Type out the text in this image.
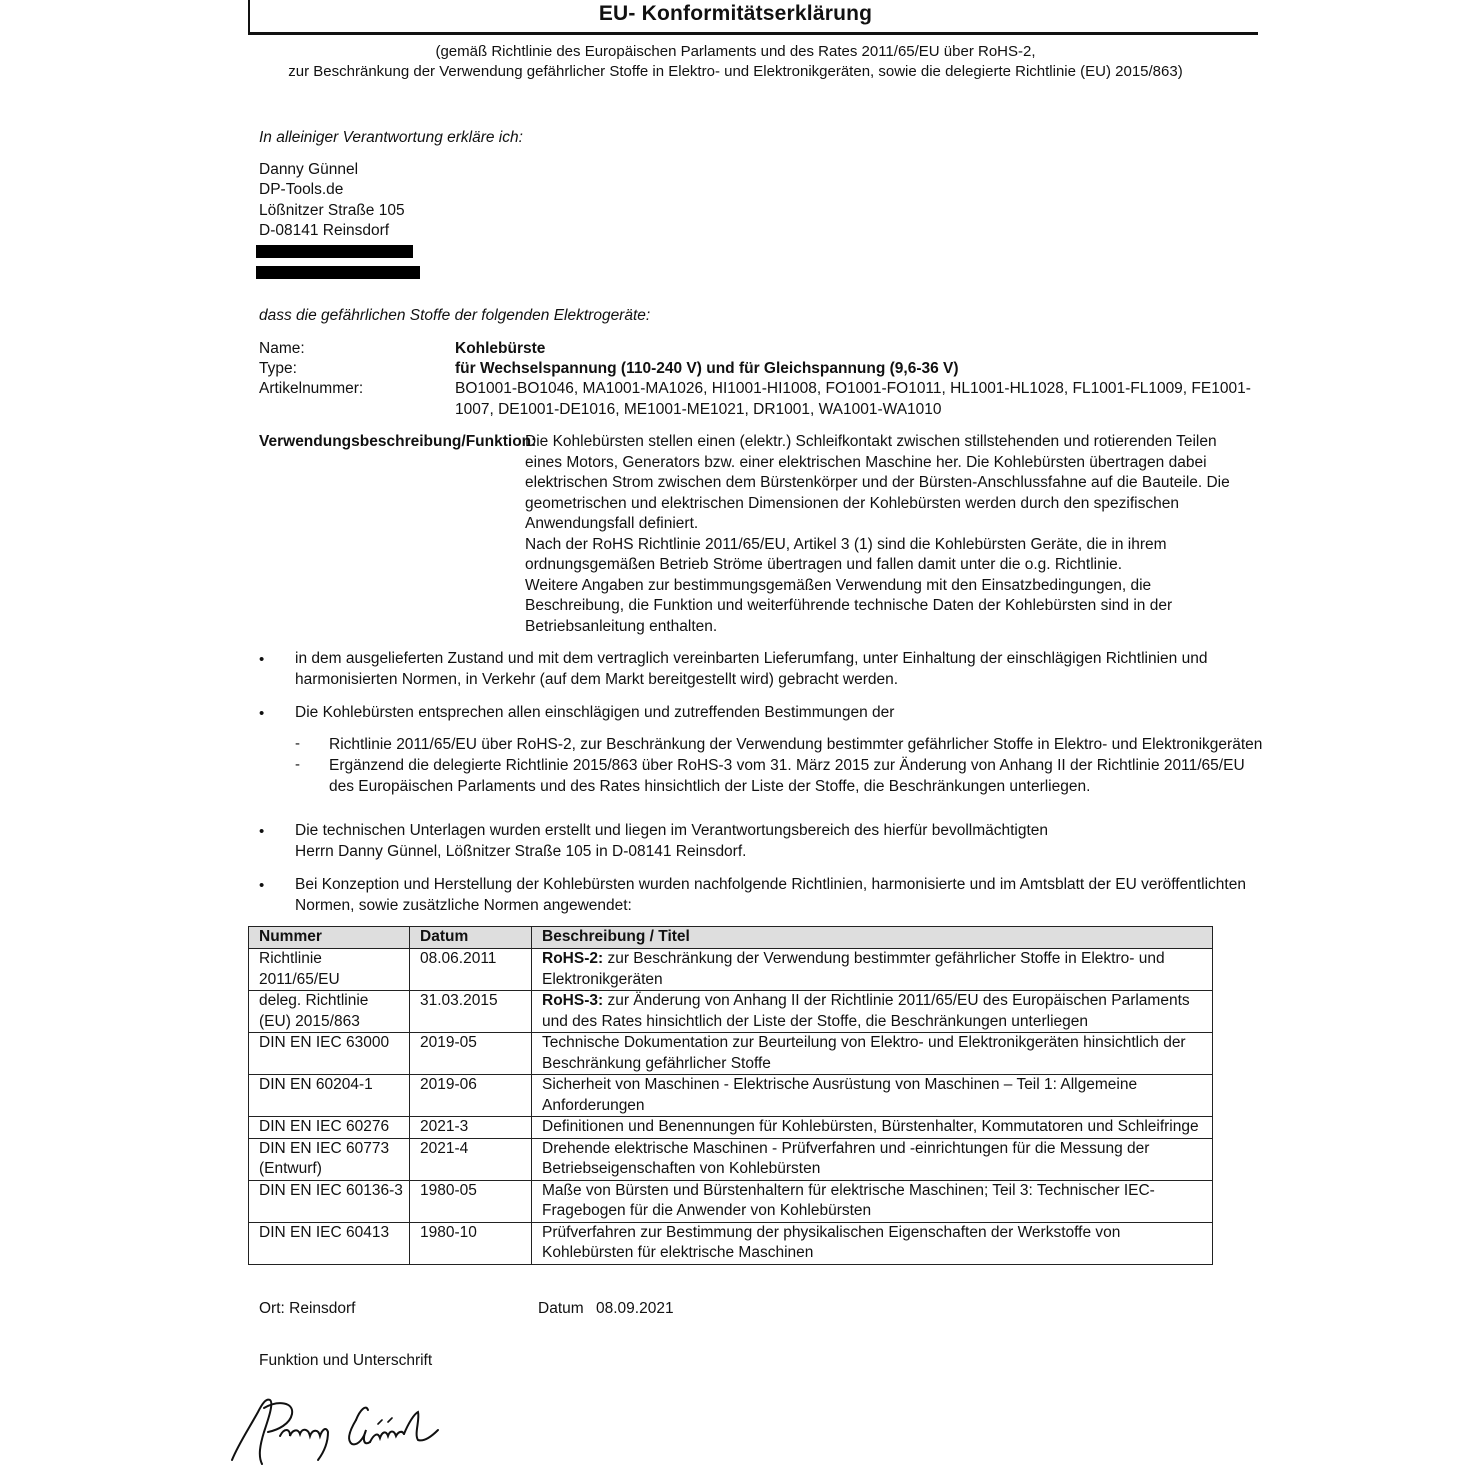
EU- Konformitätserklärung
(gemäß Richtlinie des Europäischen Parlaments und des Rates 2011/65/EU über RoHS-2,
zur Beschränkung der Verwendung gefährlicher Stoffe in Elektro- und Elektronikgeräten, sowie die delegierte Richtlinie (EU) 2015/863)
In alleiniger Verantwortung erkläre ich:
Danny Günnel
DP-Tools.de
Lößnitzer Straße 105
D-08141 Reinsdorf
dass die gefährlichen Stoffe der folgenden Elektrogeräte:
Name:	Kohlebürste
Type:	für Wechselspannung (110-240 V) und für Gleichspannung (9,6-36 V)
Artikelnummer:	BO1001-BO1046, MA1001-MA1026, HI1001-HI1008, FO1001-FO1011, HL1001-HL1028, FL1001-FL1009, FE1001-
1007, DE1001-DE1016, ME1001-ME1021, DR1001, WA1001-WA1010
Verwendungsbeschreibung/Funktion:
Die Kohlebürsten stellen einen (elektr.) Schleifkontakt zwischen stillstehenden und rotierenden Teilen
eines Motors, Generators bzw. einer elektrischen Maschine her. Die Kohlebürsten übertragen dabei
elektrischen Strom zwischen dem Bürstenkörper und der Bürsten-Anschlussfahne auf die Bauteile. Die
geometrischen und elektrischen Dimensionen der Kohlebürsten werden durch den spezifischen
Anwendungsfall definiert.
Nach der RoHS Richtlinie 2011/65/EU, Artikel 3 (1) sind die Kohlebürsten Geräte, die in ihrem
ordnungsgemäßen Betrieb Ströme übertragen und fallen damit unter die o.g. Richtlinie.
Weitere Angaben zur bestimmungsgemäßen Verwendung mit den Einsatzbedingungen, die
Beschreibung, die Funktion und weiterführende technische Daten der Kohlebürsten sind in der
Betriebsanleitung enthalten.
• in dem ausgelieferten Zustand und mit dem vertraglich vereinbarten Lieferumfang, unter Einhaltung der einschlägigen Richtlinien und
harmonisierten Normen, in Verkehr (auf dem Markt bereitgestellt wird) gebracht werden.
• Die Kohlebürsten entsprechen allen einschlägigen und zutreffenden Bestimmungen der
- Richtlinie 2011/65/EU über RoHS-2, zur Beschränkung der Verwendung bestimmter gefährlicher Stoffe in Elektro- und Elektronikgeräten
- Ergänzend die delegierte Richtlinie 2015/863 über RoHS-3 vom 31. März 2015 zur Änderung von Anhang II der Richtlinie 2011/65/EU
des Europäischen Parlaments und des Rates hinsichtlich der Liste der Stoffe, die Beschränkungen unterliegen.
• Die technischen Unterlagen wurden erstellt und liegen im Verantwortungsbereich des hierfür bevollmächtigten
Herrn Danny Günnel, Lößnitzer Straße 105 in D-08141 Reinsdorf.
• Bei Konzeption und Herstellung der Kohlebürsten wurden nachfolgende Richtlinien, harmonisierte und im Amtsblatt der EU veröffentlichten
Normen, sowie zusätzliche Normen angewendet:
Nummer	Datum	Beschreibung / Titel
Richtlinie 2011/65/EU	08.06.2011	RoHS-2: zur Beschränkung der Verwendung bestimmter gefährlicher Stoffe in Elektro- und Elektronikgeräten
deleg. Richtlinie (EU) 2015/863	31.03.2015	RoHS-3: zur Änderung von Anhang II der Richtlinie 2011/65/EU des Europäischen Parlaments und des Rates hinsichtlich der Liste der Stoffe, die Beschränkungen unterliegen
DIN EN IEC 63000	2019-05	Technische Dokumentation zur Beurteilung von Elektro- und Elektronikgeräten hinsichtlich der Beschränkung gefährlicher Stoffe
DIN EN 60204-1	2019-06	Sicherheit von Maschinen - Elektrische Ausrüstung von Maschinen – Teil 1: Allgemeine Anforderungen
DIN EN IEC 60276	2021-3	Definitionen und Benennungen für Kohlebürsten, Bürstenhalter, Kommutatoren und Schleifringe
DIN EN IEC 60773 (Entwurf)	2021-4	Drehende elektrische Maschinen - Prüfverfahren und -einrichtungen für die Messung der Betriebseigenschaften von Kohlebürsten
DIN EN IEC 60136-3	1980-05	Maße von Bürsten und Bürstenhaltern für elektrische Maschinen; Teil 3: Technischer IEC-Fragebogen für die Anwender von Kohlebürsten
DIN EN IEC 60413	1980-10	Prüfverfahren zur Bestimmung der physikalischen Eigenschaften der Werkstoffe von Kohlebürsten für elektrische Maschinen
Ort: Reinsdorf	Datum 08.09.2021
Funktion und Unterschrift
